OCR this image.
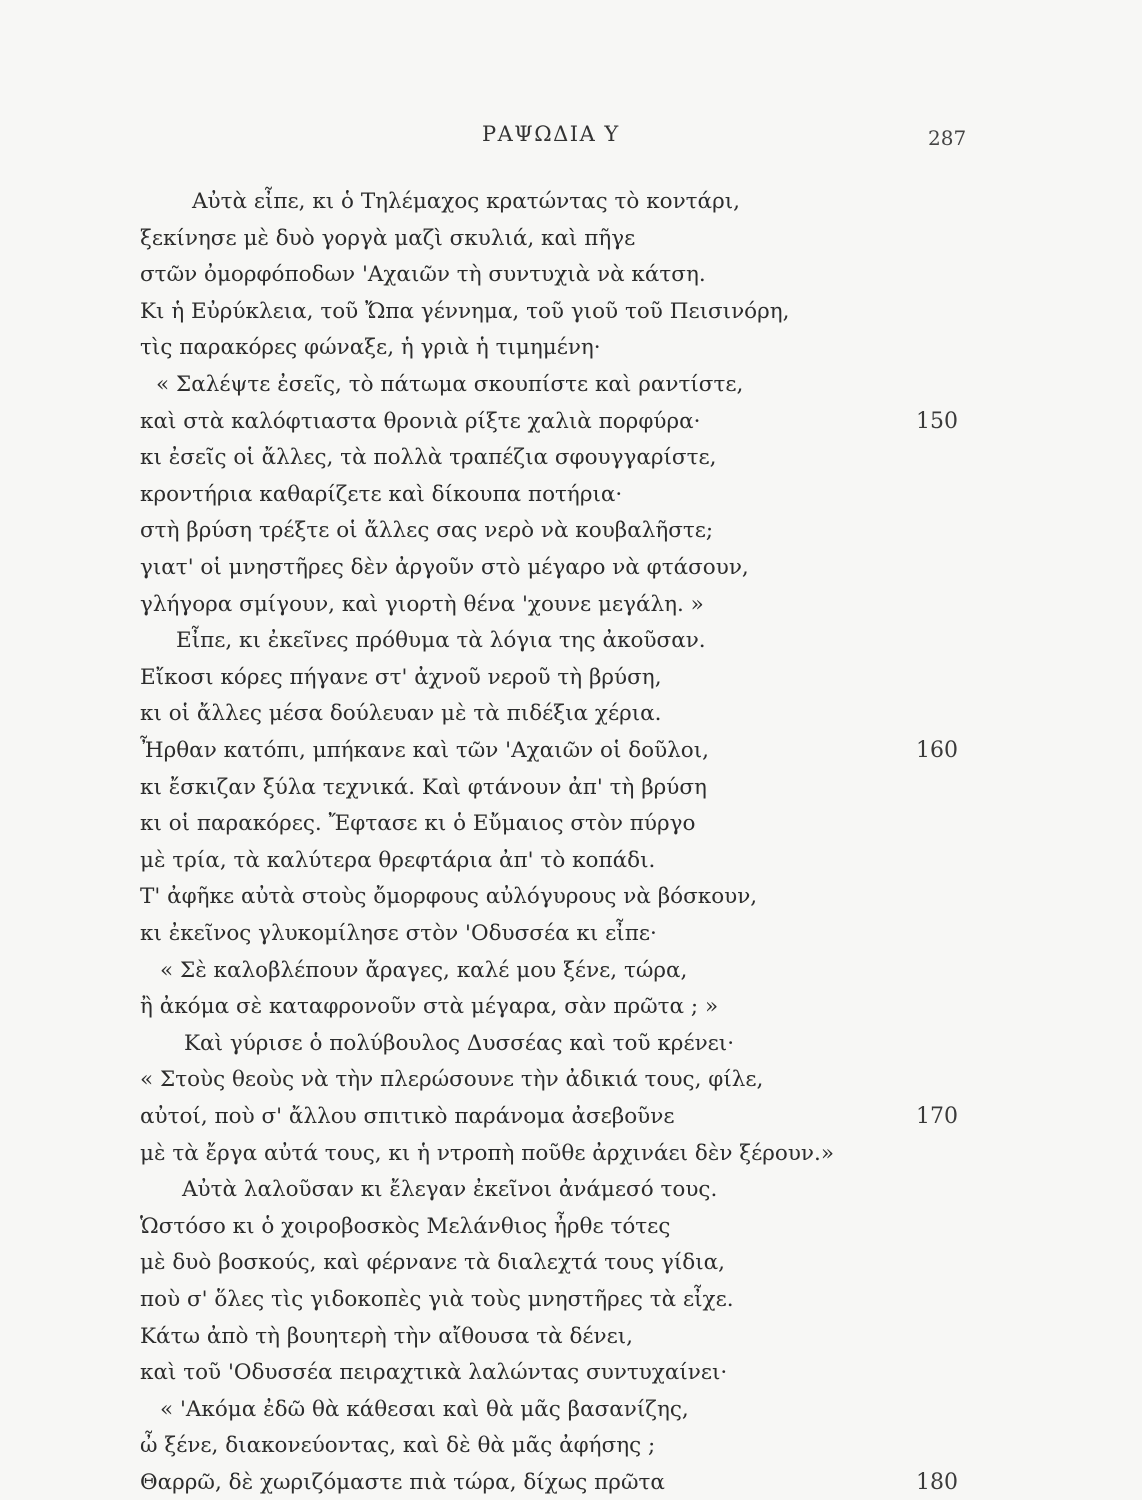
ΡΑΨΩΔΙΑ Υ	287
Αὐτὰ εἶπε, κι ὁ Τηλέμαχος κρατώντας τὸ κοντάρι,
ξεκίνησε μὲ δυὸ γοργὰ μαζὶ σκυλιά, καὶ πῆγε
στῶν ὀμορφόποδων 'Αχαιῶν τὴ συντυχιὰ νὰ κάτση.
Κι ἡ Εὐρύκλεια, τοῦ Ὤπα γέννημα, τοῦ γιοῦ τοῦ Πεισινόρη,
τὶς παρακόρες φώναξε, ἡ γριὰ ἡ τιμημένη·
« Σαλέψτε ἐσεῖς, τὸ πάτωμα σκουπίστε καὶ ραντίστε,
καὶ στὰ καλόφτιαστα θρονιὰ ρίξτε χαλιὰ πορφύρα·	150
κι ἐσεῖς οἱ ἄλλες, τὰ πολλὰ τραπέζια σφουγγαρίστε,
κροντήρια καθαρίζετε καὶ δίκουπα ποτήρια·
στὴ βρύση τρέξτε οἱ ἄλλες σας νερὸ νὰ κουβαλῆστε;
γιατ' οἱ μνηστῆρες δὲν ἀργοῦν στὸ μέγαρο νὰ φτάσουν,
γλήγορα σμίγουν, καὶ γιορτὴ θένα 'χουνε μεγάλη. »
Εἶπε, κι ἐκεῖνες πρόθυμα τὰ λόγια της ἀκοῦσαν.
Εἴκοσι κόρες πήγανε στ' ἀχνοῦ νεροῦ τὴ βρύση,
κι οἱ ἄλλες μέσα δούλευαν μὲ τὰ πιδέξια χέρια.
Ἦρθαν κατόπι, μπήκανε καὶ τῶν 'Αχαιῶν οἱ δοῦλοι,	160
κι ἔσκιζαν ξύλα τεχνικά. Καὶ φτάνουν ἀπ' τὴ βρύση
κι οἱ παρακόρες. Ἔφτασε κι ὁ Εὔμαιος στὸν πύργο
μὲ τρία, τὰ καλύτερα θρεφτάρια ἀπ' τὸ κοπάδι.
Τ' ἀφῆκε αὐτὰ στοὺς ὄμορφους αὐλόγυρους νὰ βόσκουν,
κι ἐκεῖνος γλυκομίλησε στὸν 'Οδυσσέα κι εἶπε·
« Σὲ καλοβλέπουν ἄραγες, καλέ μου ξένε, τώρα,
ἢ ἀκόμα σὲ καταφρονοῦν στὰ μέγαρα, σὰν πρῶτα ; »
Καὶ γύρισε ὁ πολύβουλος Δυσσέας καὶ τοῦ κρένει·
« Στοὺς θεοὺς νὰ τὴν πλερώσουνε τὴν ἀδικιά τους, φίλε,
αὐτοί, ποὺ σ' ἄλλου σπιτικὸ παράνομα ἀσεβοῦνε	170
μὲ τὰ ἔργα αὐτά τους, κι ἡ ντροπὴ ποῦθε ἀρχινάει δὲν ξέρουν.»
Αὐτὰ λαλοῦσαν κι ἔλεγαν ἐκεῖνοι ἀνάμεσό τους.
Ὡστόσο κι ὁ χοιροβοσκὸς Μελάνθιος ἦρθε τότες
μὲ δυὸ βοσκούς, καὶ φέρνανε τὰ διαλεχτά τους γίδια,
ποὺ σ' ὅλες τὶς γιδοκοπὲς γιὰ τοὺς μνηστῆρες τὰ εἶχε.
Κάτω ἀπὸ τὴ βουητερὴ τὴν αἴθουσα τὰ δένει,
καὶ τοῦ 'Οδυσσέα πειραχτικὰ λαλώντας συντυχαίνει·
« 'Ακόμα ἐδῶ θὰ κάθεσαι καὶ θὰ μᾶς βασανίζης,
ὦ ξένε, διακονεύοντας, καὶ δὲ θὰ μᾶς ἀφήσης ;
Θαρρῶ, δὲ χωριζόμαστε πιὰ τώρα, δίχως πρῶτα	180
